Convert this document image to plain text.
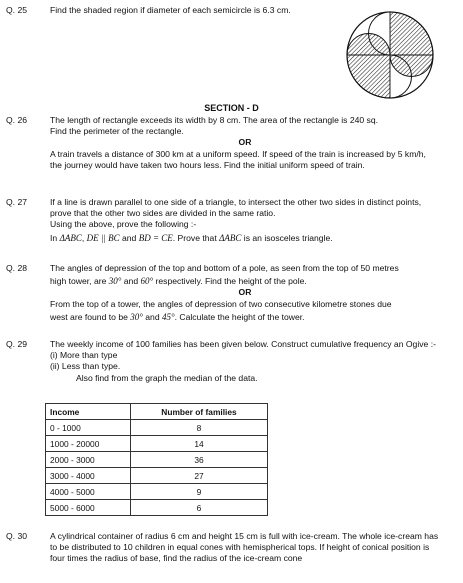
Q. 25	Find the shaded region if diameter of each semicircle is 6.3 cm.

SECTION - D
Q. 26	The length of rectangle exceeds its width by 8 cm. The area of the rectangle is 240 sq.

Find the perimeter of the rectangle.

OR

A train travels a distance of 300 km at a uniform speed. If speed of the train is increased by 5 km/h, the journey would have taken two hours less. Find the initial uniform speed of train.

Q. 27	If a line is drawn parallel to one side of a triangle, to intersect the other two sides in distinct points, prove that the other two sides are divided in the same ratio.

Using the above, prove the following :-

In ΔABC, DE || BC and BD = CE. Prove that ΔABC is an isosceles triangle.

Q. 28	The angles of depression of the top and bottom of a pole, as seen from the top of 50 metres

high tower, are 30° and 60° respectively. Find the height of the pole.

OR

From the top of a tower, the angles of depression of two consecutive kilometre stones due

west are found to be 30° and 45°. Calculate the height of the tower.

Q. 29	The weekly income of 100 families has been given below. Construct cumulative frequency an Ogive :-

(i) More than type

(ii) Less than type.

Also find from the graph the median of the data.

Income	Number of families
0 - 1000	8
1000 - 20000	14
2000 - 3000	36
3000 - 4000	27
4000 - 5000	9
5000 - 6000	6
Q. 30	A cylindrical container of radius 6 cm and height 15 cm is full with ice-cream. The whole ice-cream has to be distributed to 10 children in equal cones with hemispherical tops. If height of conical position is four times the radius of base, find the radius of the ice-cream cone
